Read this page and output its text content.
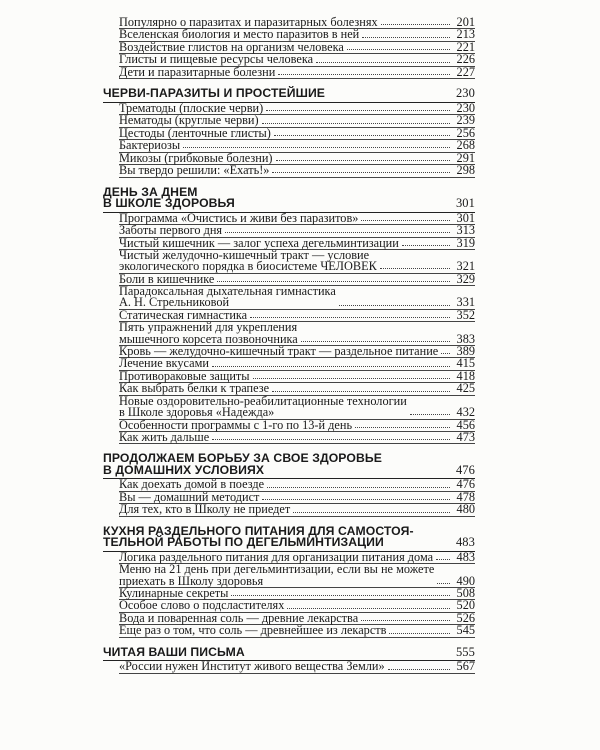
Популярно о паразитах и паразитарных болезнях	201
Вселенская биология и место паразитов в ней	213
Воздействие глистов на организм человека	221
Глисты и пищевые ресурсы человека	226
Дети и паразитарные болезни	227
ЧЕРВИ-ПАРАЗИТЫ И ПРОСТЕЙШИЕ	230
Трематоды (плоские черви)	230
Нематоды (круглые черви)	239
Цестоды (ленточные глисты)	256
Бактериозы	268
Микозы (грибковые болезни)	291
Вы твердо решили: «Ехать!»	298
ДЕНЬ ЗА ДНЕМ
В ШКОЛЕ ЗДОРОВЬЯ	301
Программа «Очистись и живи без паразитов»	301
Заботы первого дня	313
Чистый кишечник — залог успеха дегельминтизации	319
Чистый желудочно-кишечный тракт — условие
экологического порядка в биосистеме ЧЕЛОВЕК	321
Боли в кишечнике	329
Парадоксальная дыхательная гимнастика
А. Н. Стрельниковой	331
Статическая гимнастика	352
Пять упражнений для укрепления
мышечного корсета позвоночника	383
Кровь — желудочно-кишечный тракт — раздельное питание 389
Лечение вкусами	415
Противораковые защиты	418
Как выбрать белки к трапезе	425
Новые оздоровительно-реабилитационные технологии
в Школе здоровья «Надежда»	432
Особенности программы с 1-го по 13-й день	456
Как жить дальше	473
ПРОДОЛЖАЕМ БОРЬБУ ЗА СВОЕ ЗДОРОВЬЕ
В ДОМАШНИХ УСЛОВИЯХ	476
Как доехать домой в поезде	476
Вы — домашний методист	478
Для тех, кто в Школу не приедет	480
КУХНЯ РАЗДЕЛЬНОГО ПИТАНИЯ ДЛЯ САМОСТОЯ-
ТЕЛЬНОЙ РАБОТЫ ПО ДЕГЕЛЬМИНТИЗАЦИИ	483
Логика раздельного питания для организации питания дома 483
Меню на 21 день при дегельминтизации, если вы не можете
приехать в Школу здоровья	490
Кулинарные секреты	508
Особое слово о подсластителях	520
Вода и поваренная соль — древние лекарства	526
Еще раз о том, что соль — древнейшее из лекарств	545
ЧИТАЯ ВАШИ ПИСЬМА	555
«России нужен Институт живого вещества Земли»	567
